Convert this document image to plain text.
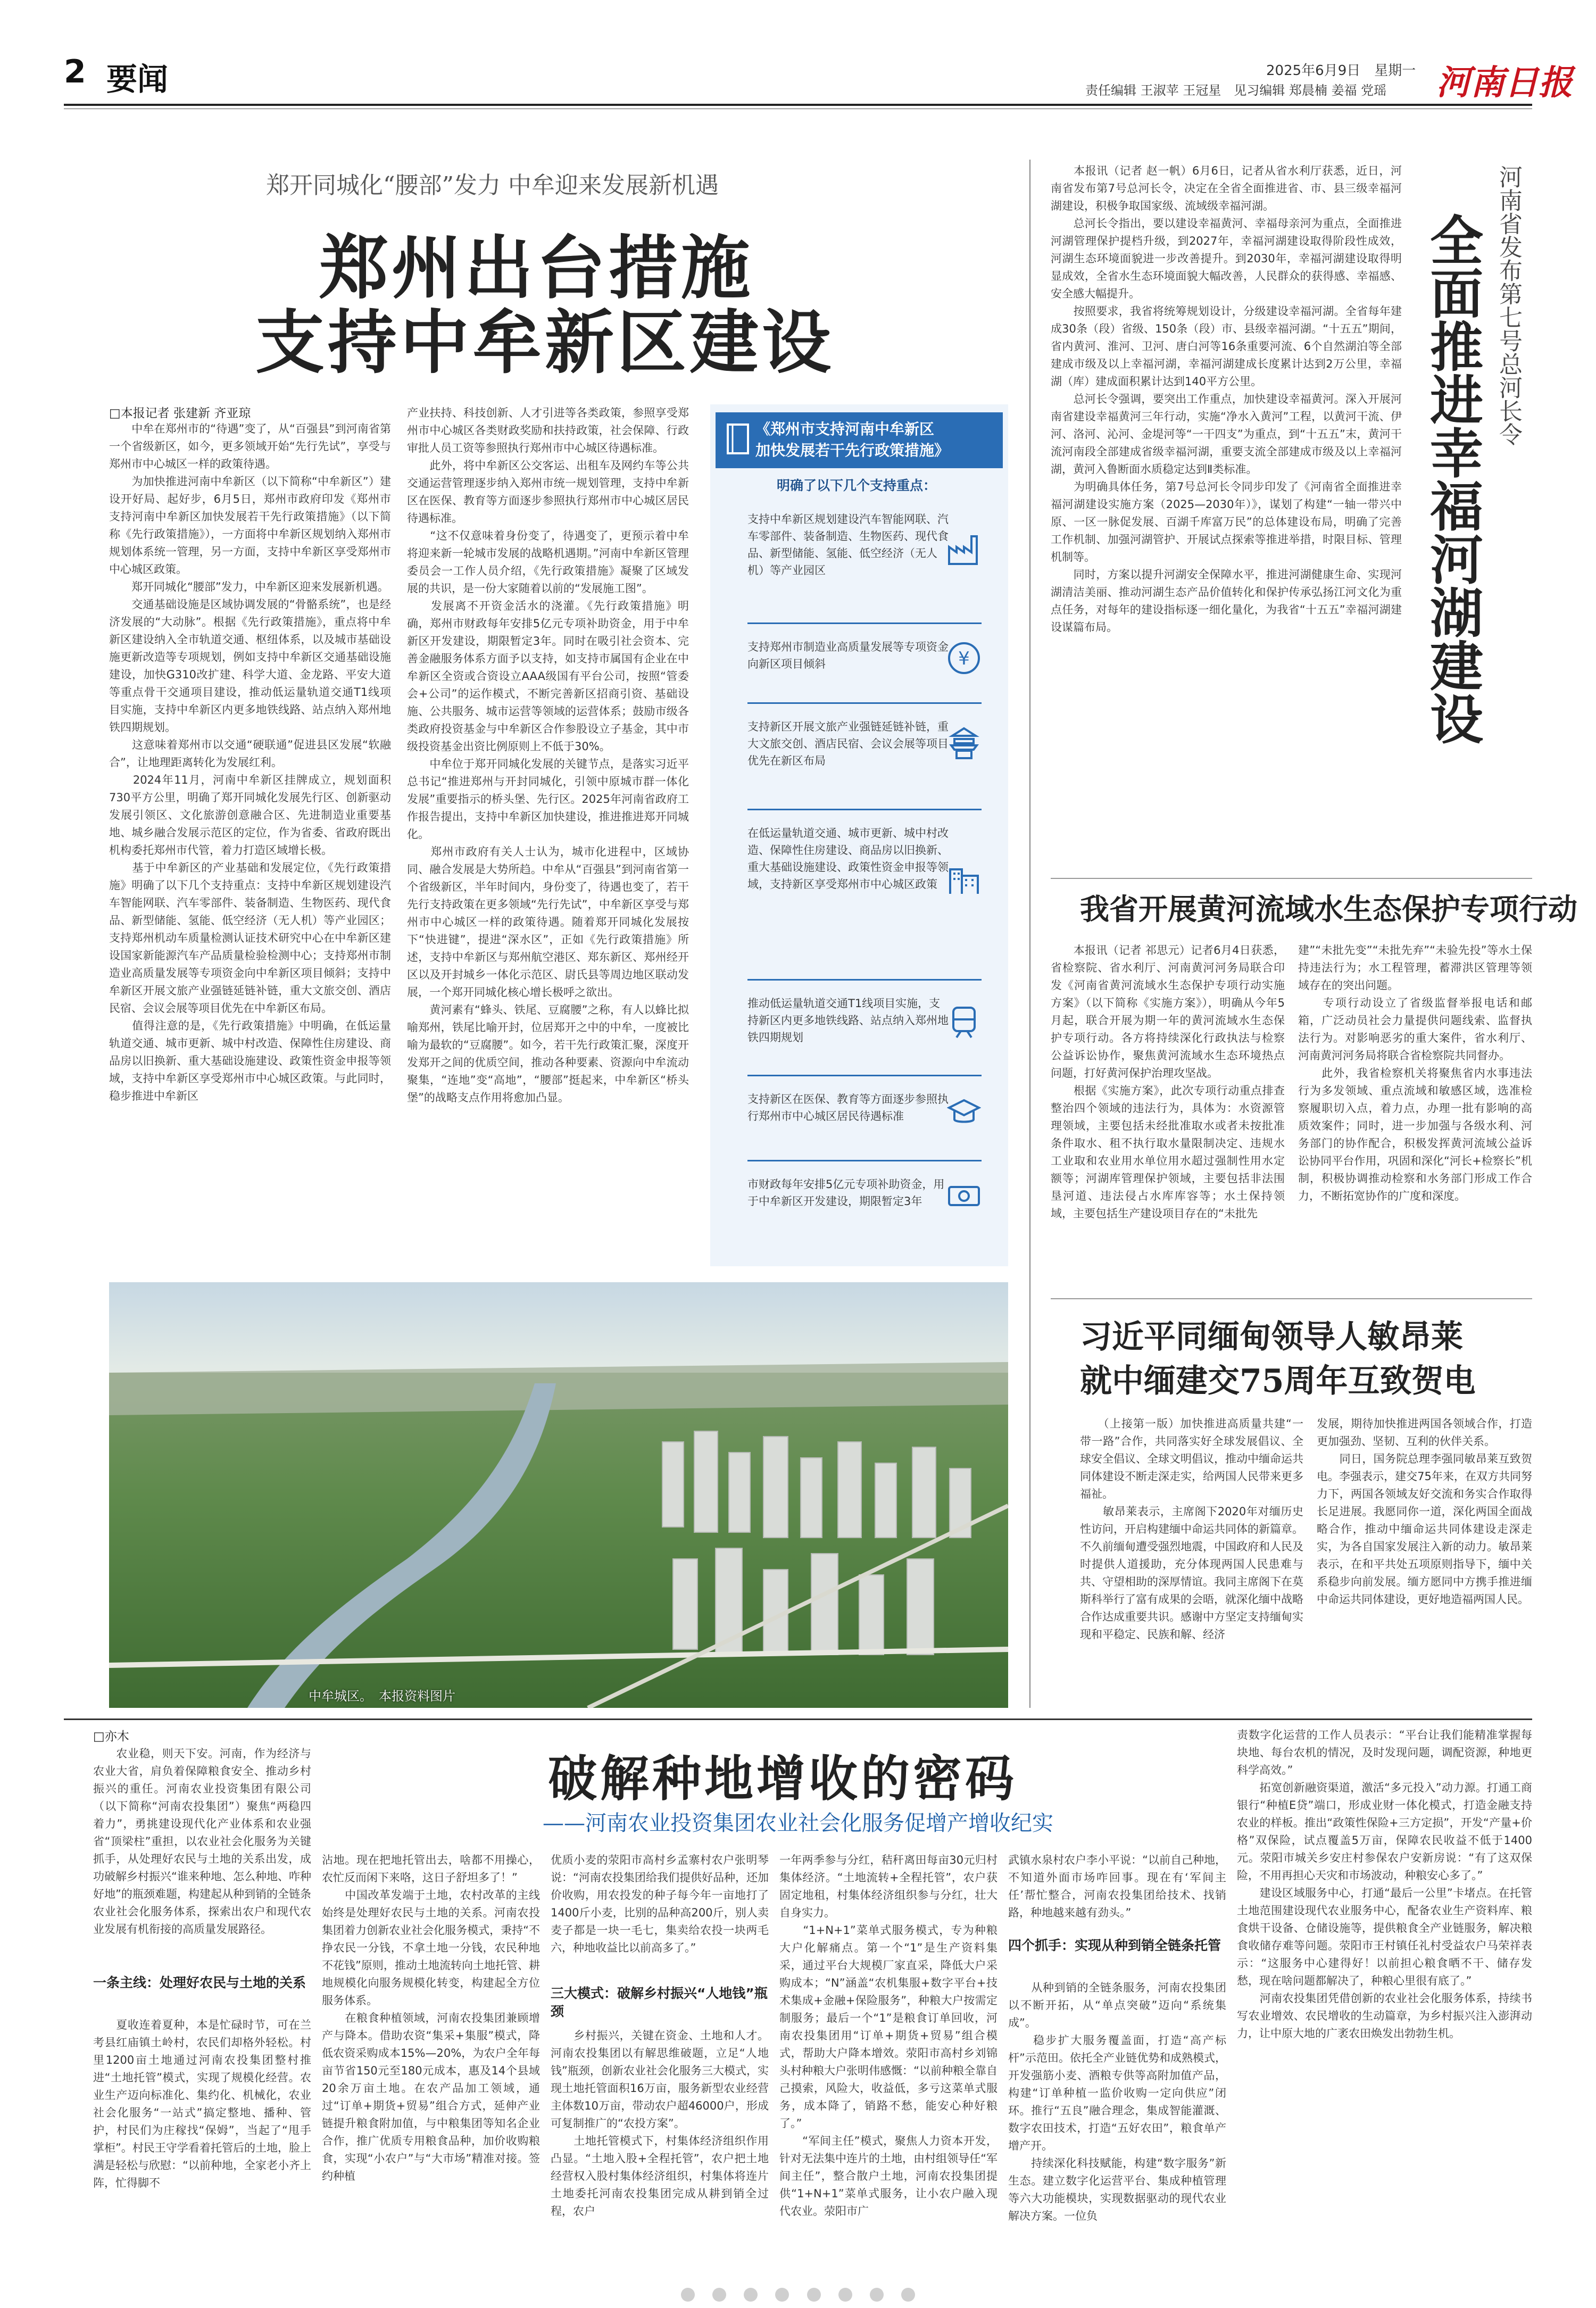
2 要闻	2025年6月9日　星期一
责任编辑 王淑苹 王冠星　见习编辑 郑晨楠 姜福 党瑶 河南日报
郑开同城化“腰部”发力 中牟迎来发展新机遇
郑州出台措施
支持中牟新区建设
□本报记者 张建新 齐亚琼
　　中牟在郑州市的“待遇”变了，从“百强县”到河南省第一个省级新区，如今，更多领域开始“先行先试”，享受与郑州市中心城区一样的政策待遇。
　　为加快推进河南中牟新区（以下简称“中牟新区”）建设开好局、起好步，6月5日，郑州市政府印发《郑州市支持河南中牟新区加快发展若干先行政策措施》（以下简称《先行政策措施》），一方面将中牟新区规划纳入郑州市规划体系统一管理，另一方面，支持中牟新区享受郑州市中心城区政策。
　　郑开同城化“腰部”发力，中牟新区迎来发展新机遇。
　　交通基础设施是区域协调发展的“骨骼系统”，也是经济发展的“大动脉”。根据《先行政策措施》，重点将中牟新区建设纳入全市轨道交通、枢纽体系，以及城市基础设施更新改造等专项规划，例如支持中牟新区交通基础设施建设，加快G310改扩建、科学大道、金龙路、平安大道等重点骨干交通项目建设，推动低运量轨道交通T1线项目实施，支持中牟新区内更多地铁线路、站点纳入郑州地铁四期规划。
　　这意味着郑州市以交通“硬联通”促进县区发展“软融合”，让地理距离转化为发展红利。
　　2024年11月，河南中牟新区挂牌成立，规划面积730平方公里，明确了郑开同城化发展先行区、创新驱动发展引领区、文化旅游创意融合区、先进制造业重要基地、城乡融合发展示范区的定位，作为省委、省政府既出机构委托郑州市代管，着力打造区域增长极。
　　基于中牟新区的产业基础和发展定位，《先行政策措施》明确了以下几个支持重点：支持中牟新区规划建设汽车智能网联、汽车零部件、装备制造、生物医药、现代食品、新型储能、氢能、低空经济（无人机）等产业园区；支持郑州机动车质量检测认证技术研究中心在中牟新区建设国家新能源汽车产品质量检验检测中心；支持郑州市制造业高质量发展等专项资金向中牟新区项目倾斜；支持中牟新区开展文旅产业强链延链补链，重大文旅交创、酒店民宿、会议会展等项目优先在中牟新区布局。
　　值得注意的是，《先行政策措施》中明确，在低运量轨道交通、城市更新、城中村改造、保障性住房建设、商品房以旧换新、重大基础设施建设、政策性资金申报等领域，支持中牟新区享受郑州市中心城区政策。与此同时，稳步推进中牟新区
产业扶持、科技创新、人才引进等各类政策，参照享受郑州市中心城区各类财政奖励和扶持政策，社会保障、行政审批人员工资等参照执行郑州市中心城区待遇标准。
　　此外，将中牟新区公交客运、出租车及网约车等公共交通运营管理逐步纳入郑州市统一规划管理，支持中牟新区在医保、教育等方面逐步参照执行郑州市中心城区居民待遇标准。
　　“这不仅意味着身份变了，待遇变了，更预示着中牟将迎来新一轮城市发展的战略机遇期。”河南中牟新区管理委员会一工作人员介绍，《先行政策措施》凝聚了区域发展的共识，是一份大家随着以前的“发展施工图”。
　　发展离不开资金活水的浇灌。《先行政策措施》明确，郑州市财政每年安排5亿元专项补助资金，用于中牟新区开发建设，期限暂定3年。同时在吸引社会资本、完善金融服务体系方面予以支持，如支持市属国有企业在中牟新区全资或合资设立AAA级国有平台公司，按照“管委会+公司”的运作模式，不断完善新区招商引资、基础设施、公共服务、城市运营等领域的运营体系；鼓励市级各类政府投资基金与中牟新区合作参股设立子基金，其中市级投资基金出资比例原则上不低于30%。
　　中牟位于郑开同城化发展的关键节点，是落实习近平总书记“推进郑州与开封同城化，引领中原城市群一体化发展”重要指示的桥头堡、先行区。2025年河南省政府工作报告提出，支持中牟新区加快建设，推进推进郑开同城化。
　　郑州市政府有关人士认为，城市化进程中，区域协同、融合发展是大势所趋。中牟从“百强县”到河南省第一个省级新区，半年时间内，身份变了，待遇也变了，若干先行支持政策在更多领域“先行先试”，中牟新区享受与郑州市中心城区一样的政策待遇。随着郑开同城化发展按下“快进键”，提进“深水区”，正如《先行政策措施》所述，支持中牟新区与郑州航空港区、郑东新区、郑州经开区以及开封城乡一体化示范区、尉氏县等周边地区联动发展，一个郑开同城化核心增长极呼之欲出。
　　黄河素有“蜂头、铁尾、豆腐腰”之称，有人以蜂比拟喻郑州，铁尾比喻开封，位居郑开之中的中牟，一度被比喻为最软的“豆腐腰”。如今，若干先行政策汇聚，深度开发郑开之间的优质空间，推动各种要素、资源向中牟流动聚集，“连地”变“高地”，“腰部”挺起来，中牟新区“桥头堡”的战略支点作用将愈加凸显。
《郑州市支持河南中牟新区
加快发展若干先行政策措施》
明确了以下几个支持重点：
支持中牟新区规划建设汽车智能网联、汽车零部件、装备制造、生物医药、现代食品、新型储能、氢能、低空经济（无人机）等产业园区
支持郑州市制造业高质量发展等专项资金向新区项目倾斜	¥
支持新区开展文旅产业强链延链补链，重大文旅交创、酒店民宿、会议会展等项目优先在新区布局
在低运量轨道交通、城市更新、城中村改造、保障性住房建设、商品房以旧换新、重大基础设施建设、政策性资金申报等领域，支持新区享受郑州市中心城区政策
推动低运量轨道交通T1线项目实施，支持新区内更多地铁线路、站点纳入郑州地铁四期规划
支持新区在医保、教育等方面逐步参照执行郑州市中心城区居民待遇标准
市财政每年安排5亿元专项补助资金，用于中牟新区开发建设，期限暂定3年
中牟城区。　本报资料图片
　　本报讯（记者 赵一帆）6月6日，记者从省水利厅获悉，近日，河南省发布第7号总河长令，决定在全省全面推进省、市、县三级幸福河湖建设，积极争取国家级、流域级幸福河湖。
　　总河长令指出，要以建设幸福黄河、幸福母亲河为重点，全面推进河湖管理保护提档升级，到2027年，幸福河湖建设取得阶段性成效，河湖生态环境面貌进一步改善提升。到2030年，幸福河湖建设取得明显成效，全省水生态环境面貌大幅改善，人民群众的获得感、幸福感、安全感大幅提升。
　　按照要求，我省将统筹规划设计，分级建设幸福河湖。全省每年建成30条（段）省级、150条（段）市、县级幸福河湖。“十五五”期间，省内黄河、淮河、卫河、唐白河等16条重要河流、6个自然湖泊等全部建成市级及以上幸福河湖，幸福河湖建成长度累计达到2万公里，幸福湖（库）建成面积累计达到140平方公里。
　　总河长令强调，要突出工作重点，加快建设幸福黄河。深入开展河南省建设幸福黄河三年行动，实施“净水入黄河”工程，以黄河干流、伊河、洛河、沁河、金堤河等“一干四支”为重点，到“十五五”末，黄河干流河南段全部建成省级幸福河湖，重要支流全部建成市级及以上幸福河湖，黄河入鲁断面水质稳定达到Ⅱ类标准。
　　为明确具体任务，第7号总河长令同步印发了《河南省全面推进幸福河湖建设实施方案（2025—2030年）》，谋划了构建“一轴一带兴中原、一区一脉促发展、百湖千库富万民”的总体建设布局，明确了完善工作机制、加强河湖管护、开展试点探索等推进举措，时限目标、管理机制等。
　　同时，方案以提升河湖安全保障水平，推进河湖健康生命、实现河湖清洁美丽、推动河湖生态产品价值转化和保护传承弘扬江河文化为重点任务，对每年的建设指标逐一细化量化，为我省“十五五”幸福河湖建设谋篇布局。
河南省发布第七号总河长令
全面推进幸福河湖建设
我省开展黄河流域水生态保护专项行动
　　本报讯（记者 祁思元）记者6月4日获悉，省检察院、省水利厅、河南黄河河务局联合印发《河南省黄河流域水生态保护专项行动实施方案》（以下简称《实施方案》），明确从今年5月起，联合开展为期一年的黄河流域水生态保护专项行动。各方将持续深化行政执法与检察公益诉讼协作，聚焦黄河流域水生态环境热点问题，打好黄河保护治理攻坚战。
　　根据《实施方案》，此次专项行动重点排查整治四个领域的违法行为，具体为：水资源管理领域，主要包括未经批准取水或者未按批准条件取水、租不执行取水量限制决定、违规水工业取和农业用水单位用水超过强制性用水定额等；河湖库管理保护领域，主要包括非法围垦河道、违法侵占水库库容等；水土保持领域，主要包括生产建设项目存在的“未批先
建”“未批先变”“未批先弃”“未验先投”等水土保持违法行为；水工程管理，蓄滞洪区管理等领域存在的突出问题。
　　专项行动设立了省级监督举报电话和邮箱，广泛动员社会力量提供问题线索、监督执法行为。对影响恶劣的重大案件，省水利厅、河南黄河河务局将联合省检察院共同督办。
　　此外，我省检察机关将聚焦省内水事违法行为多发领域、重点流域和敏感区域，选准检察履职切入点，着力点，办理一批有影响的高质效案件；同时，进一步加强与各级水利、河务部门的协作配合，积极发挥黄河流域公益诉讼协同平台作用，巩固和深化“河长+检察长”机制，积极协调推动检察和水务部门形成工作合力，不断拓宽协作的广度和深度。
习近平同缅甸领导人敏昂莱
就中缅建交75周年互致贺电
　　（上接第一版）加快推进高质量共建“一带一路”合作，共同落实好全球发展倡议、全球安全倡议、全球文明倡议，推动中缅命运共同体建设不断走深走实，给两国人民带来更多福祉。
　　敏昂莱表示，主席阁下2020年对缅历史性访问，开启构建缅中命运共同体的新篇章。不久前缅甸遭受强烈地震，中国政府和人民及时提供人道援助，充分体现两国人民患难与共、守望相助的深厚情谊。我同主席阁下在莫斯科举行了富有成果的会晤，就深化缅中战略合作达成重要共识。感谢中方坚定支持缅甸实现和平稳定、民族和解、经济
发展，期待加快推进两国各领域合作，打造更加强劲、坚韧、互利的伙伴关系。
　　同日，国务院总理李强同敏昂莱互致贺电。李强表示，建交75年来，在双方共同努力下，两国各领域友好交流和务实合作取得长足进展。我愿同你一道，深化两国全面战略合作，推动中缅命运共同体建设走深走实，为各自国家发展注入新的动力。敏昂莱表示，在和平共处五项原则指导下，缅中关系稳步向前发展。缅方愿同中方携手推进缅中命运共同体建设，更好地造福两国人民。
□亦木
破解种地增收的密码
——河南农业投资集团农业社会化服务促增产增收纪实
　　农业稳，则天下安。河南，作为经济与农业大省，肩负着保障粮食安全、推动乡村振兴的重任。河南农业投资集团有限公司（以下简称“河南农投集团”）聚焦“两稳四着力”，勇挑建设现代化产业体系和农业强省“顶梁柱”重担，以农业社会化服务为关键抓手，从处理好农民与土地的关系出发，成功破解乡村振兴“谁来种地、怎么种地、咋种好地”的瓶颈难题，构建起从种到销的全链条农业社会化服务体系，探索出农户和现代农业发展有机衔接的高质量发展路径。
一条主线：处理好农民与土地的关系
　　夏收连着夏种，本是忙碌时节，可在兰考县红庙镇土岭村，农民们却格外轻松。村里1200亩土地通过河南农投集团整村推进“土地托管”模式，实现了规模化经营。农业生产迈向标准化、集约化、机械化，农业社会化服务“一站式”搞定整地、播种、管护，村民们为庄稼找“保姆”，当起了“甩手掌柜”。村民王守学看着托管后的土地，脸上满是轻松与欣慰：“以前种地，全家老小齐上阵，忙得脚不
沾地。现在把地托管出去，啥都不用操心，农忙反而闲下来咯，这日子舒坦多了！”
　　中国改革发端于土地，农村改革的主线始终是处理好农民与土地的关系。河南农投集团着力创新农业社会化服务模式，秉持“不挣农民一分钱，不拿土地一分钱，农民种地不花钱”原则，推动土地流转向土地托管、耕地规模化向服务规模化转变，构建起全方位服务体系。
　　在粮食种植领域，河南农投集团兼顾增产与降本。借助农资“集采+集服”模式，降低农资采购成本15%—20%，为农户全年每亩节省150元至180元成本，惠及14个县域20余万亩土地。在农产品加工领域，通过“订单+期货+贸易”组合方式，延伸产业链提升粮食附加值，与中粮集团等知名企业合作，推广优质专用粮食品种，加价收购粮食，实现“小农户”与“大市场”精准对接。签约种植
优质小麦的荥阳市高村乡孟寨村农户张明琴说：“河南农投集团给我们提供好品种，还加价收购，用农投发的种子每今年一亩地打了1400斤小麦，比别的品种高200斤，别人卖麦子都是一块一毛七，集卖给农投一块两毛六，种地收益比以前高多了。”
三大模式：破解乡村振兴“人地钱”瓶颈
　　乡村振兴，关键在资金、土地和人才。河南农投集团以有解思维破题，立足“人地钱”瓶颈，创新农业社会化服务三大模式，实现土地托管面积16万亩，服务新型农业经营主体数10万亩，带动农户超46000户，形成可复制推广的“农投方案”。
　　土地托管模式下，村集体经济组织作用凸显。“土地入股+全程托管”，农户把土地经营权入股村集体经济组织，村集体将连片土地委托河南农投集团完成从耕到销全过程，农户
一年两季参与分红，秸秆离田每亩30元归村集体经济。“土地流转+全程托管”，农户获固定地租，村集体经济组织参与分红，壮大自身实力。
　　“1+N+1”菜单式服务模式，专为种粮大户化解痛点。第一个“1”是生产资料集采，通过平台大规模厂家直采，降低大户采购成本；“N”涵盖“农机集服+数字平台+技术集成+金融+保险服务”，种粮大户按需定制服务；最后一个“1”是粮食订单回收，河南农投集团用“订单+期货+贸易”组合模式，帮助大户降本增效。荥阳市高村乡刘锦头村种粮大户张明伟感慨：“以前种粮全靠自己摸索，风险大，收益低，多亏这菜单式服务，成本降了，销路不愁，能安心种好粮了。”
　　“军间主任”模式，聚焦人力资本开发，针对无法集中连片的土地，由村组领导任“军间主任”，整合散户土地，河南农投集团提供“1+N+1”菜单式服务，让小农户融入现代农业。荥阳市广
武镇水泉村农户李小平说：“以前自己种地，不知道外面市场咋回事。现在有‘军间主任’帮忙整合，河南农投集团给技术、找销路，种地越来越有劲头。”
四个抓手：实现从种到销全链条托管
　　从种到销的全链条服务，河南农投集团以不断开拓，从“单点突破”迈向“系统集成”。
　　稳步扩大服务覆盖面，打造“高产标杆”示范田。依托全产业链优势和成熟模式，开发强筋小麦、酒粮专供等高附加值产品，构建“订单种植一监价收购一定向供应”闭环。推行“五良”融合理念，集成智能灌溉、数字农田技术，打造“五好农田”，粮食单产增产开。
　　持续深化科技赋能，构建“数字服务”新生态。建立数字化运营平台、集成种植管理等六大功能模块，实现数据驱动的现代农业解决方案。一位负
责数字化运营的工作人员表示：“平台让我们能精准掌握每块地、每台农机的情况，及时发现问题，调配资源，种地更科学高效。”
　　拓宽创新融资渠道，激活“多元投入”动力源。打通工商银行“种植E贷”端口，形成业财一体化模式，打造金融支持农业的样板。推出“政策性保险+三方定损”，开发“产量+价格”双保险，试点覆盖5万亩，保障农民收益不低于1400元。荥阳市城关乡安庄村参保农户安新房说：“有了这双保险，不用再担心天灾和市场波动，种粮安心多了。”
　　建设区域服务中心，打通“最后一公里”卡堵点。在托管土地范围建设现代农业服务中心，配备农业生产资料库、粮食烘干设备、仓储设施等，提供粮食全产业链服务，解决粮食收储存难等问题。荥阳市王村镇任礼村受益农户马荣祥表示：“这服务中心建得好！以前担心粮食晒不干、储存发愁，现在啥问题都解决了，种粮心里很有底了。”
　　河南农投集团凭借创新的农业社会化服务体系，持续书写农业增效、农民增收的生动篇章，为乡村振兴注入澎湃动力，让中原大地的广袤农田焕发出勃勃生机。
